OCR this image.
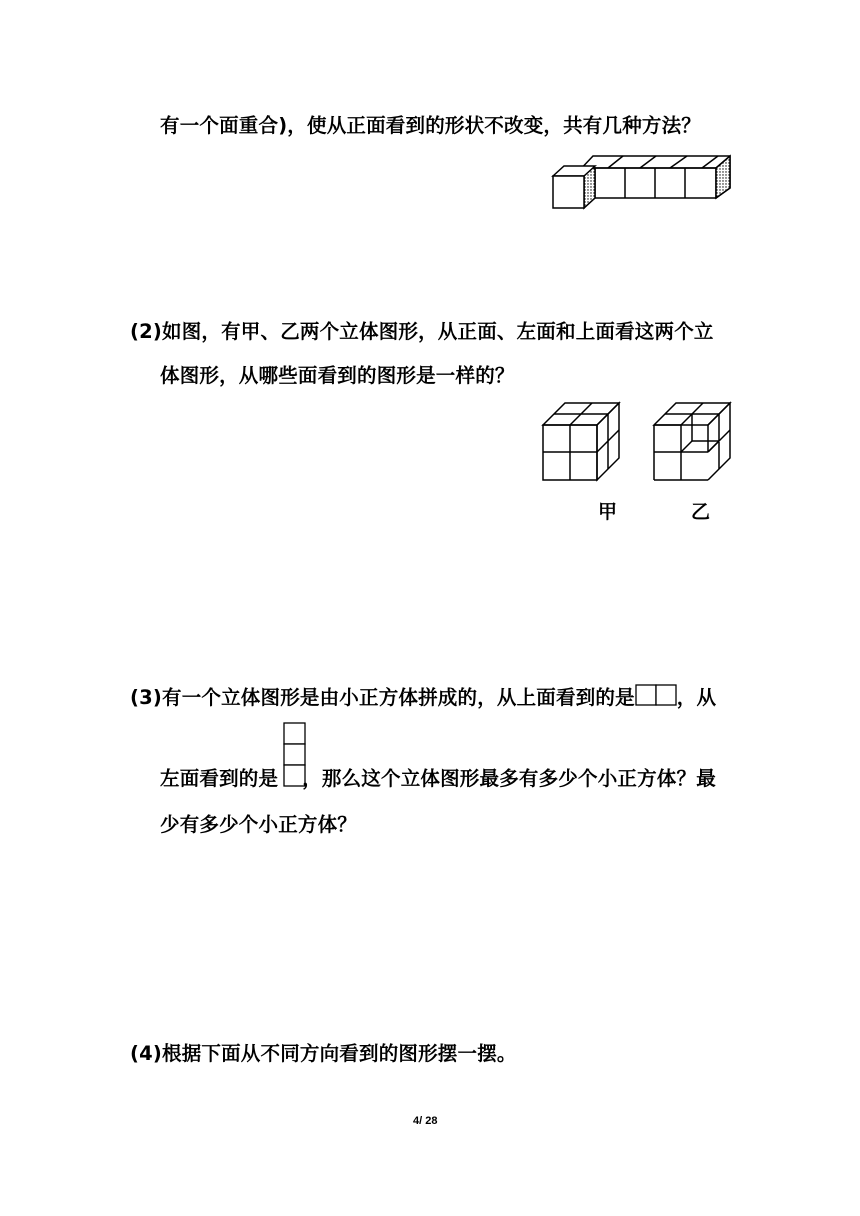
有一个面重合)，使从正面看到的形状不改变，共有几种方法？
(2)如图，有甲、乙两个立体图形，从正面、左面和上面看这两个立
体图形，从哪些面看到的图形是一样的？
甲	乙
(3)有一个立体图形是由小正方体拼成的，从上面看到的是 ，从
左面看到的是 ，那么这个立体图形最多有多少个小正方体？最
少有多少个小正方体？
(4)根据下面从不同方向看到的图形摆一摆。
4/ 28
